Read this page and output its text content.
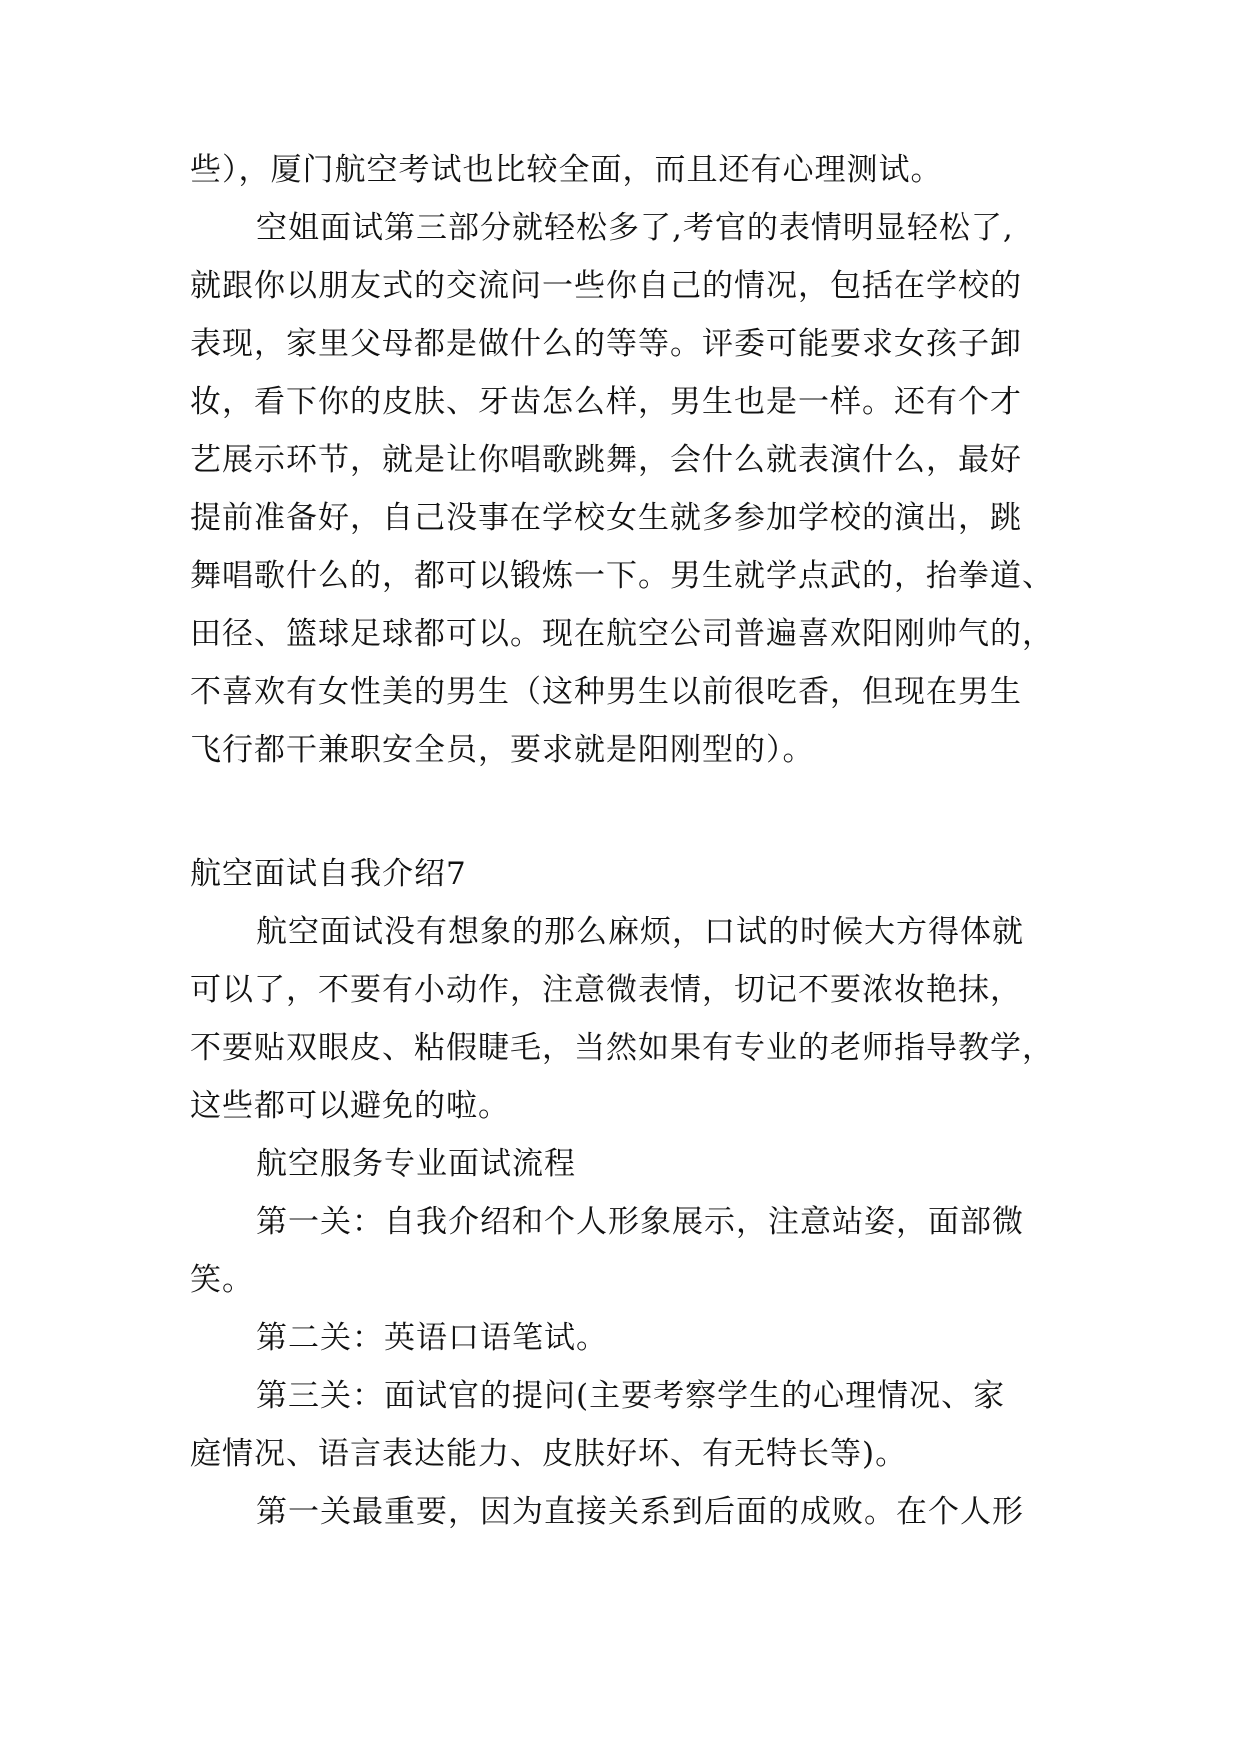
些），厦门航空考试也比较全面，而且还有心理测试。
空姐面试第三部分就轻松多了,考官的表情明显轻松了,
就跟你以朋友式的交流问一些你自己的情况，包括在学校的
表现，家里父母都是做什么的等等。评委可能要求女孩子卸
妆，看下你的皮肤、牙齿怎么样，男生也是一样。还有个才
艺展示环节，就是让你唱歌跳舞，会什么就表演什么，最好
提前准备好，自己没事在学校女生就多参加学校的演出，跳
舞唱歌什么的，都可以锻炼一下。男生就学点武的，抬拳道、
田径、篮球足球都可以。现在航空公司普遍喜欢阳刚帅气的，
不喜欢有女性美的男生（这种男生以前很吃香，但现在男生
飞行都干兼职安全员，要求就是阳刚型的）。
航空面试自我介绍7
航空面试没有想象的那么麻烦，口试的时候大方得体就
可以了，不要有小动作，注意微表情，切记不要浓妆艳抹，
不要贴双眼皮、粘假睫毛，当然如果有专业的老师指导教学，
这些都可以避免的啦。
航空服务专业面试流程
第一关：自我介绍和个人形象展示，注意站姿，面部微
笑。
第二关：英语口语笔试。
第三关：面试官的提问(主要考察学生的心理情况、家
庭情况、语言表达能力、皮肤好坏、有无特长等)。
第一关最重要，因为直接关系到后面的成败。在个人形
